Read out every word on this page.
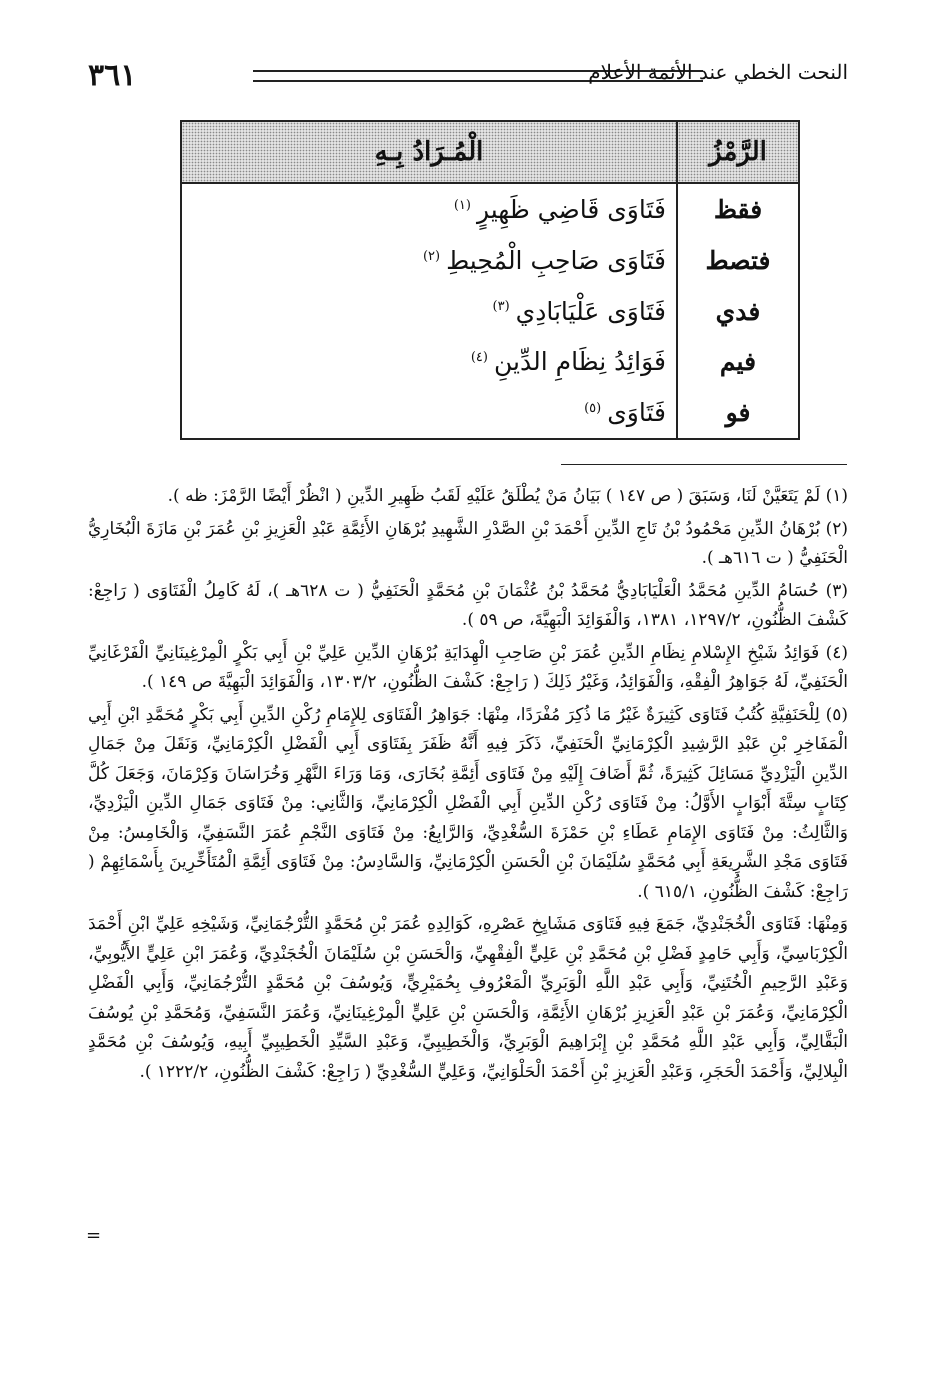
٣٦١	النحت الخطي عند الأئمة الأعلام
الرَّمْزُ	الْمُـرَادُ بِـهِ
فقظ	فَتَاوَى قَاضِي ظَهِيرٍ$^{(١)}$
فتصط	فَتَاوَى صَاحِبِ الْمُحِيطِ$^{(٢)}$
فدي	فَتَاوَى عَلْيَابَادِي$^{(٣)}$
فيم	فَوَائِدُ نِظَامِ الدِّينِ$^{(٤)}$
فو	فَتَاوَى$^{(٥)}$

(١) لَمْ يَتَعَيَّنْ لَنَا، وَسَبَقَ ( ص ١٤٧ ) بَيَانُ مَنْ يُطْلَقُ عَلَيْهِ لَقَبُ ظَهِيرِ الدِّينِ ( انْظُرْ أَيْضًا الرَّمْزَ: ظه ).

(٢) بُرْهَانُ الدِّينِ مَحْمُودُ بْنُ تَاجِ الدِّينِ أَحْمَدَ بْنِ الصَّدْرِ الشَّهِيدِ بُرْهَانِ الأَئِمَّةِ عَبْدِ الْعَزِيزِ بْنِ عُمَرَ بْنِ مَازَةَ الْبُخَارِيُّ الْحَنَفِيُّ ( ت ٦١٦هـ ).

(٣) حُسَامُ الدِّينِ مُحَمَّدُ الْعَلْيَابَادِيُّ مُحَمَّدُ بْنُ عُثْمَانَ بْنِ مُحَمَّدٍ الْحَنَفِيُّ ( ت ٦٢٨هـ )، لَهُ كَامِلُ الْفَتَاوَى ( رَاجِعْ: كَشْفَ الظُّنُونِ، ١٢٩٧/٢، ١٣٨١، وَالْفَوَائِدَ الْبَهِيَّةَ، ص ٥٩ ).

(٤) فَوَائِدُ شَيْخِ الإِسْلامِ نِظَامِ الدِّينِ عُمَرَ بْنِ صَاحِبِ الْهِدَايَةِ بُرْهَانِ الدِّينِ عَلِيِّ بْنِ أَبِي بَكْرٍ الْمِرْغِينَانِيِّ الْفَرْغَانِيِّ الْحَنَفِيِّ، لَهُ جَوَاهِرُ الْفِقْهِ، وَالْفَوَائِدُ، وَغَيْرُ ذَلِكَ ( رَاجِعْ: كَشْفَ الظُّنُونِ، ١٣٠٣/٢، وَالْفَوَائِدَ الْبَهِيَّةَ ص ١٤٩ ).

(٥) لِلْحَنَفِيَّةِ كُتُبُ فَتَاوَى كَثِيرَةٌ غَيْرُ مَا ذُكِرَ مُفْرَدًا، مِنْهَا: جَوَاهِرُ الْفَتَاوَى لِلإِمَامِ رُكْنِ الدِّينِ أَبِي بَكْرٍ مُحَمَّدِ ابْنِ أَبِي الْمَفَاخِرِ بْنِ عَبْدِ الرَّشِيدِ الْكِرْمَانِيِّ الْحَنَفِيِّ، ذَكَرَ فِيهِ أَنَّهُ ظَفَرَ بِفَتَاوَى أَبِي الْفَضْلِ الْكِرْمَانِيِّ، وَنَقَلَ مِنْ جَمَالِ الدِّينِ الْيَزْدِيِّ مَسَائِلَ كَثِيرَةً، ثُمَّ أَضَافَ إِلَيْهِ مِنْ فَتَاوَى أَئِمَّةِ بُخَارَى، وَمَا وَرَاءَ النَّهْرِ وَخُرَاسَانَ وَكِرْمَانَ، وَجَعَلَ كُلَّ كِتَابٍ سِتَّةَ أَبْوَابٍ الأَوَّلُ: مِنْ فَتَاوَى رُكْنِ الدِّينِ أَبِي الْفَضْلِ الْكِرْمَانِيِّ، وَالثَّانِي: مِنْ فَتَاوَى جَمَالِ الدِّينِ الْيَزْدِيِّ، وَالثَّالِثُ: مِنْ فَتَاوَى الإِمَامِ عَطَاءِ بْنِ حَمْزَةَ السُّغْدِيِّ، وَالرَّابِعُ: مِنْ فَتَاوَى النَّجْمِ عُمَرَ النَّسَفِيِّ، وَالْخَامِسُ: مِنْ فَتَاوَى مَجْدِ الشَّرِيعَةِ أَبِي مُحَمَّدٍ سُلَيْمَانَ بْنِ الْحَسَنِ الْكِرْمَانِيِّ، وَالسَّادِسُ: مِنْ فَتَاوَى أَئِمَّةِ الْمُتَأَخِّرِينَ بِأَسْمَائِهِمْ ( رَاجِعْ: كَشْفَ الظُّنُونِ، ٦١٥/١ ).

وَمِنْهَا: فَتَاوَى الْخُجَنْدِيِّ، جَمَعَ فِيهِ فَتَاوَى مَشَايِخِ عَصْرِهِ، كَوَالِدِهِ عُمَرَ بْنِ مُحَمَّدٍ التُّرْجُمَانِيِّ، وَشَيْخِهِ عَلِيِّ ابْنِ أَحْمَدَ الْكِرْبَاسِيِّ، وَأَبِي حَامِدٍ فَضْلِ بْنِ مُحَمَّدِ بْنِ عَلِيٍّ الْفِقْهِيِّ، وَالْحَسَنِ بْنِ سُلَيْمَانَ الْخُجَنْدِيِّ، وَعُمَرَ ابْنِ عَلِيٍّ الأَيُّوبِيِّ، وَعَبْدِ الرَّحِيمِ الْخُتَنِيِّ، وَأَبِي عَبْدِ اللَّهِ الْوَبَرِيِّ الْمَعْرُوفِ بِحُمَيْرِيٍّ، وَيُوسُفَ بْنِ مُحَمَّدٍ التُّرْجُمَانِيِّ، وَأَبِي الْفَضْلِ الْكِرْمَانِيِّ، وَعُمَرَ بْنِ عَبْدِ الْعَزِيزِ بُرْهَانِ الأَئِمَّةِ، وَالْحَسَنِ بْنِ عَلِيٍّ الْمِرْغِينَانِيِّ، وَعُمَرَ النَّسَفِيِّ، وَمُحَمَّدِ بْنِ يُوسُفَ الْبَقَّالِيِّ، وَأَبِي عَبْدِ اللَّهِ مُحَمَّدِ بْنِ إِبْرَاهِيمَ الْوَبَرِيِّ، وَالْخَطِيبِيِّ، وَعَبْدِ السَّيِّدِ الْخَطِيبِيِّ أَبِيهِ، وَيُوسُفَ بْنِ مُحَمَّدٍ الْبِلالِيِّ، وَأَحْمَدَ الْحَجَرِ، وَعَبْدِ الْعَزِيزِ بْنِ أَحْمَدَ الْحَلْوَانِيِّ، وَعَلِيٍّ السُّغْدِيِّ ( رَاجِعْ: كَشْفَ الظُّنُونِ، ١٢٢٢/٢ ).

=
